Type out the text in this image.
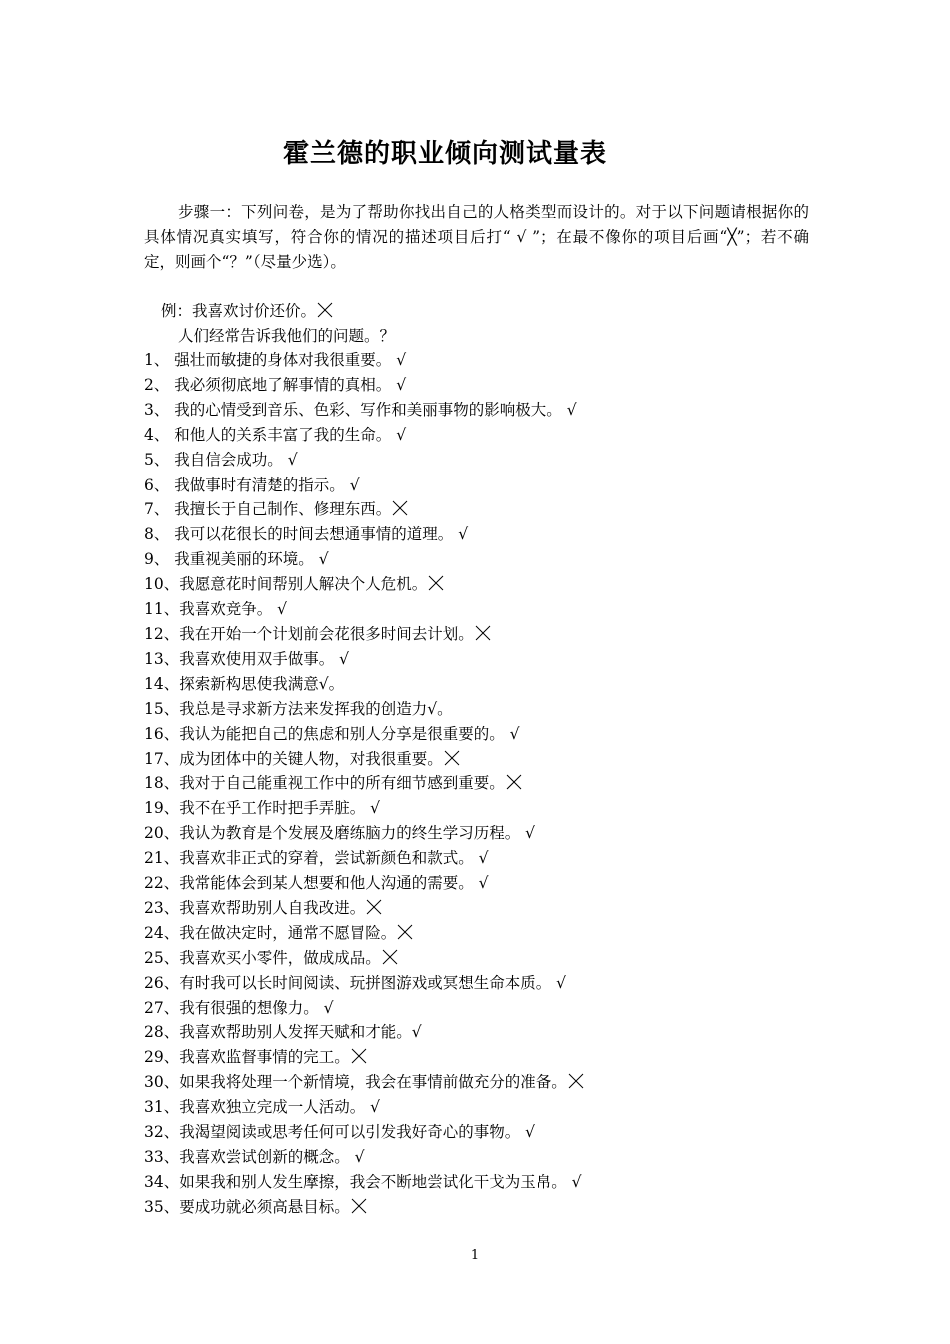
霍兰德的职业倾向测试量表
步骤一：下列问卷，是为了帮助你找出自己的人格类型而设计的。对于以下问题请根据你的具体情况真实填写，符合你的情况的描述项目后打“ √ ”；在最不像你的项目后画“╳”；若不确定，则画个“？”（尽量少选）。
例：我喜欢讨价还价。
人们经常告诉我他们的问题。？
1、 强壮而敏捷的身体对我很重要。 √
2、 我必须彻底地了解事情的真相。 √
3、 我的心情受到音乐、色彩、写作和美丽事物的影响极大。 √
4、 和他人的关系丰富了我的生命。 √
5、 我自信会成功。 √
6、 我做事时有清楚的指示。 √
7、 我擅长于自己制作、修理东西。
8、 我可以花很长的时间去想通事情的道理。 √
9、 我重视美丽的环境。 √
10、我愿意花时间帮别人解决个人危机。
11、我喜欢竞争。 √
12、我在开始一个计划前会花很多时间去计划。
13、我喜欢使用双手做事。 √
14、探索新构思使我满意√。
15、我总是寻求新方法来发挥我的创造力√。
16、我认为能把自己的焦虑和别人分享是很重要的。 √
17、成为团体中的关键人物，对我很重要。
18、我对于自己能重视工作中的所有细节感到重要。
19、我不在乎工作时把手弄脏。 √
20、我认为教育是个发展及磨练脑力的终生学习历程。 √
21、我喜欢非正式的穿着，尝试新颜色和款式。 √
22、我常能体会到某人想要和他人沟通的需要。 √
23、我喜欢帮助别人自我改进。
24、我在做决定时，通常不愿冒险。
25、我喜欢买小零件，做成成品。
26、有时我可以长时间阅读、玩拼图游戏或冥想生命本质。 √
27、我有很强的想像力。 √
28、我喜欢帮助别人发挥天赋和才能。√
29、我喜欢监督事情的完工。
30、如果我将处理一个新情境，我会在事情前做充分的准备。
31、我喜欢独立完成一人活动。 √
32、我渴望阅读或思考任何可以引发我好奇心的事物。 √
33、我喜欢尝试创新的概念。 √
34、如果我和别人发生摩擦，我会不断地尝试化干戈为玉帛。 √
35、要成功就必须高悬目标。
1
